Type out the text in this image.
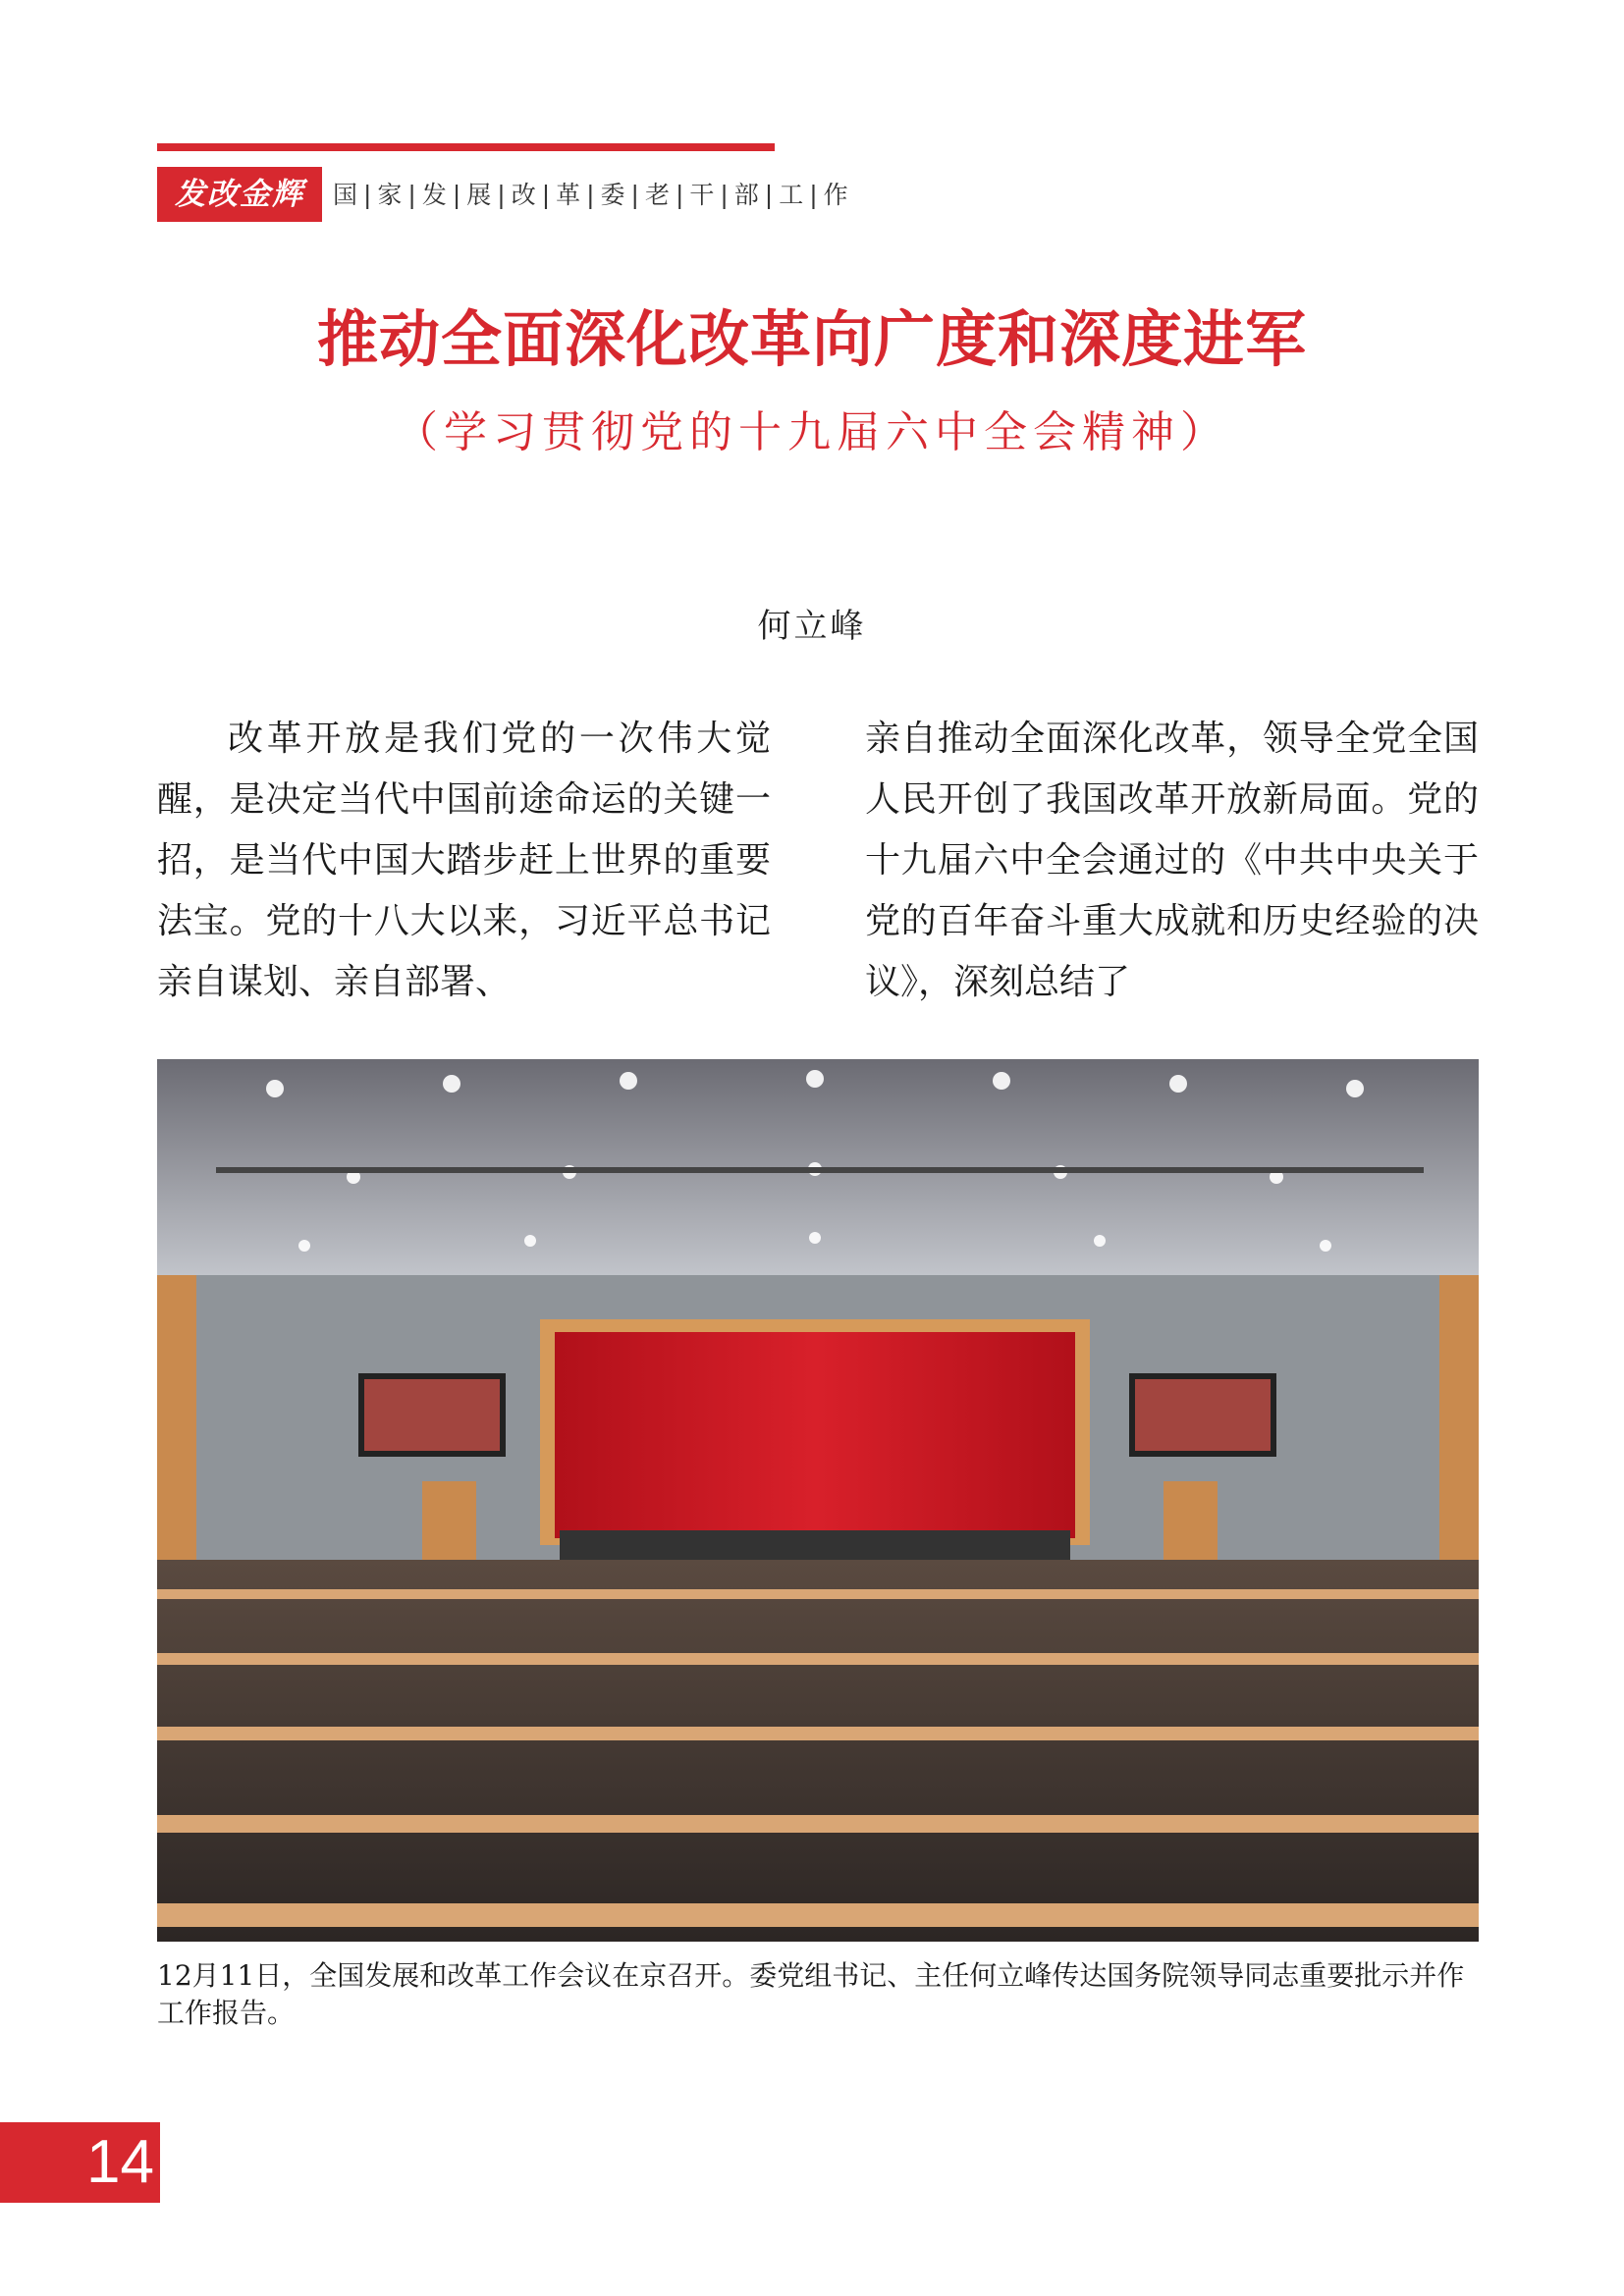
发改金辉	国|家|发|展|改|革|委|老|干|部|工|作
推动全面深化改革向广度和深度进军
（学习贯彻党的十九届六中全会精神）
何立峰

改革开放是我们党的一次伟大觉醒，是决定当代中国前途命运的关键一招，是当代中国大踏步赶上世界的重要法宝。党的十八大以来，习近平总书记亲自谋划、亲自部署、

亲自推动全面深化改革，领导全党全国人民开创了我国改革开放新局面。党的十九届六中全会通过的《中共中央关于党的百年奋斗重大成就和历史经验的决议》，深刻总结了

12月11日，全国发展和改革工作会议在京召开。委党组书记、主任何立峰传达国务院领导同志重要批示并作工作报告。
14
